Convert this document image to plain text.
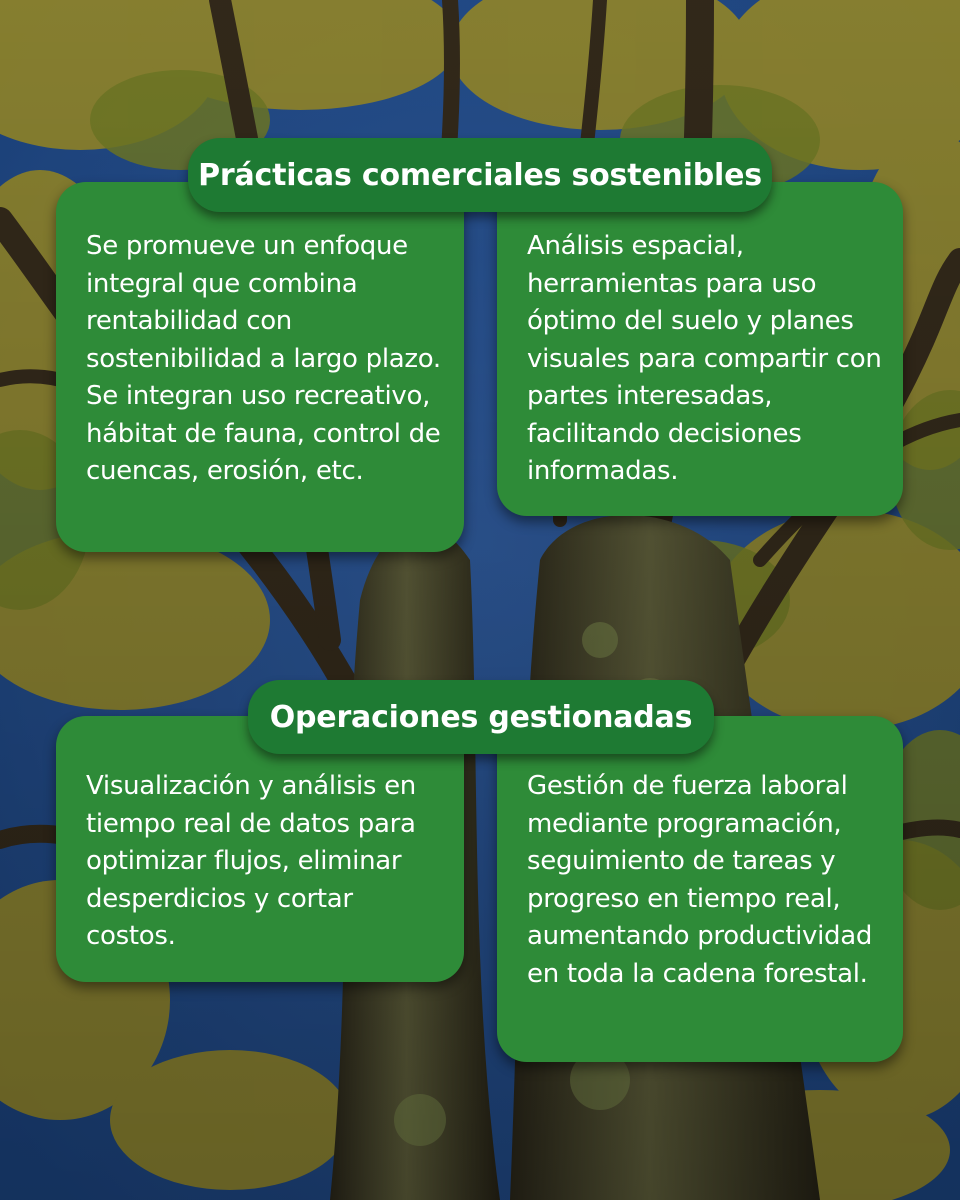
Prácticas comerciales sostenibles
Se promueve un enfoque integral que combina rentabilidad con sostenibilidad a largo plazo. Se integran uso recreativo, hábitat de fauna, control de cuencas, erosión, etc.
Análisis espacial, herramientas para uso óptimo del suelo y planes visuales para compartir con partes interesadas, facilitando decisiones informadas.
Operaciones gestionadas
Visualización y análisis en tiempo real de datos para optimizar flujos, eliminar desperdicios y cortar costos.
Gestión de fuerza laboral mediante programación, seguimiento de tareas y progreso en tiempo real, aumentando productividad en toda la cadena forestal.
